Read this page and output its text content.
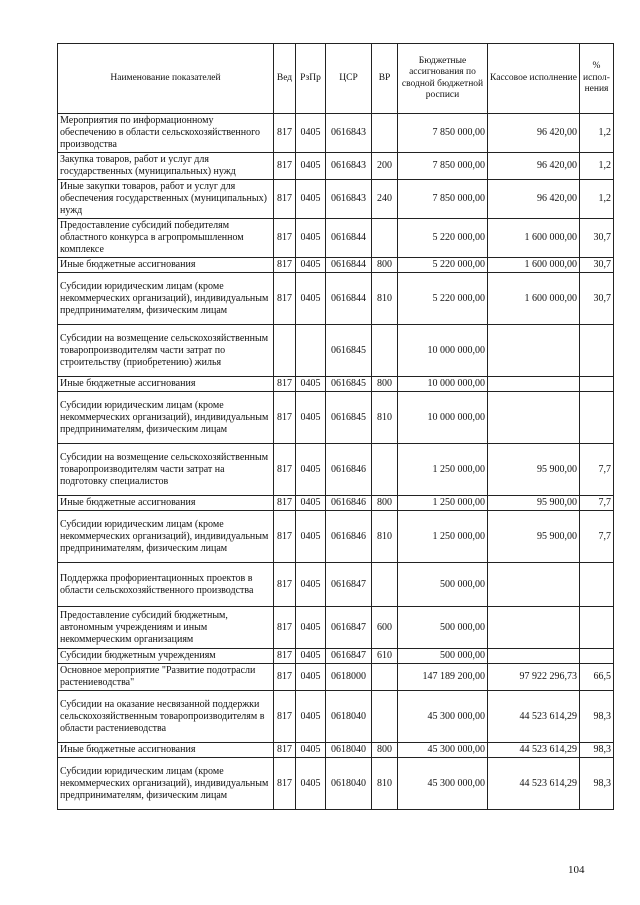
Наименование показателей	Вед	РзПр	ЦСР	ВР	Бюджетные ассигнования по сводной бюджетной росписи	Кассовое исполнение	% испол-нения
Мероприятия по информационному обеспечению в области сельскохозяйственного производства	817	0405	0616843		7 850 000,00	96 420,00	1,2
Закупка товаров, работ и услуг для государственных (муниципальных) нужд	817	0405	0616843	200	7 850 000,00	96 420,00	1,2
Иные закупки товаров, работ и услуг для обеспечения государственных (муниципальных) нужд	817	0405	0616843	240	7 850 000,00	96 420,00	1,2
Предоставление субсидий победителям областного конкурса в агропромышленном комплексе	817	0405	0616844		5 220 000,00	1 600 000,00	30,7
Иные бюджетные ассигнования	817	0405	0616844	800	5 220 000,00	1 600 000,00	30,7
Субсидии юридическим лицам (кроме некоммерческих организаций), индивидуальным предпринимателям, физическим лицам	817	0405	0616844	810	5 220 000,00	1 600 000,00	30,7
Субсидии на возмещение сельскохозяйственным товаропроизводителям части затрат по строительству (приобретению) жилья			0616845		10 000 000,00		
Иные бюджетные ассигнования	817	0405	0616845	800	10 000 000,00		
Субсидии юридическим лицам (кроме некоммерческих организаций), индивидуальным предпринимателям, физическим лицам	817	0405	0616845	810	10 000 000,00		
Субсидии на возмещение сельскохозяйственным товаропроизводителям части затрат на подготовку специалистов	817	0405	0616846		1 250 000,00	95 900,00	7,7
Иные бюджетные ассигнования	817	0405	0616846	800	1 250 000,00	95 900,00	7,7
Субсидии юридическим лицам (кроме некоммерческих организаций), индивидуальным предпринимателям, физическим лицам	817	0405	0616846	810	1 250 000,00	95 900,00	7,7
Поддержка профориентационных проектов в области сельскохозяйственного производства	817	0405	0616847		500 000,00		
Предоставление субсидий бюджетным, автономным учреждениям и иным некоммерческим организациям	817	0405	0616847	600	500 000,00		
Субсидии бюджетным учреждениям	817	0405	0616847	610	500 000,00		
Основное мероприятие "Развитие подотрасли растениеводства"	817	0405	0618000		147 189 200,00	97 922 296,73	66,5
Субсидии на оказание несвязанной поддержки сельскохозяйственным товаропроизводителям в области растениеводства	817	0405	0618040		45 300 000,00	44 523 614,29	98,3
Иные бюджетные ассигнования	817	0405	0618040	800	45 300 000,00	44 523 614,29	98,3
Субсидии юридическим лицам (кроме некоммерческих организаций), индивидуальным предпринимателям, физическим лицам	817	0405	0618040	810	45 300 000,00	44 523 614,29	98,3
104
